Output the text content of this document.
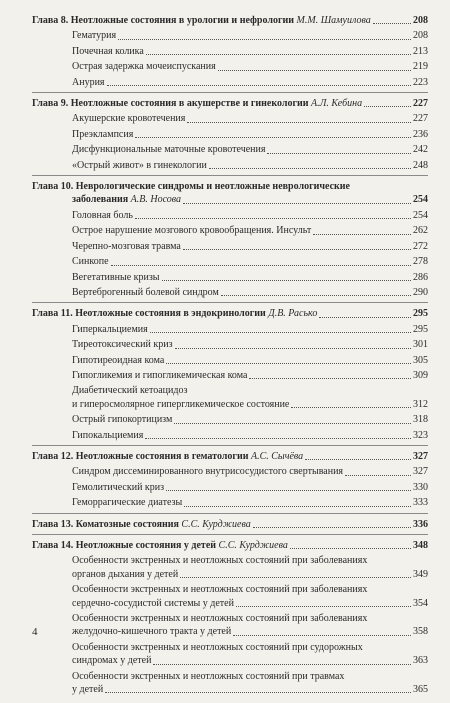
Глава 8. Неотложные состояния в урологии и нефрологии М.М. Шамуилова	208
Гематурия	208
Почечная колика	213
Острая задержка мочеиспускания	219
Анурия	223
Глава 9. Неотложные состояния в акушерстве и гинекологии А.Л. Кебина	227
Акушерские кровотечения	227
Преэклампсия	236
Дисфункциональные маточные кровотечения	242
«Острый живот» в гинекологии	248
Глава 10. Неврологические синдромы и неотложные неврологические
заболевания А.В. Носова	254
Головная боль	254
Острое нарушение мозгового кровообращения. Инсульт	262
Черепно-мозговая травма	272
Синкопе	278
Вегетативные кризы	286
Вертеброгенный болевой синдром	290
Глава 11. Неотложные состояния в эндокринологии Д.В. Расько	295
Гиперкальциемия	295
Тиреотоксический криз	301
Гипотиреоидная кома	305
Гипогликемия и гипогликемическая кома	309
Диабетический кетоацидоз
и гиперосмолярное гипергликемическое состояние	312
Острый гипокортицизм	318
Гипокальциемия	323
Глава 12. Неотложные состояния в гематологии А.С. Сычёва	327
Синдром диссеминированного внутрисосудистого свертывания	327
Гемолитический криз	330
Геморрагические диатезы	333
Глава 13. Коматозные состояния С.С. Курджиева	336
Глава 14. Неотложные состояния у детей С.С. Курджиева	348
Особенности экстренных и неотложных состояний при заболеваниях
органов дыхания у детей	349
Особенности экстренных и неотложных состояний при заболеваниях
сердечно-сосудистой системы у детей	354
Особенности экстренных и неотложных состояний при заболеваниях
желудочно-кишечного тракта у детей	358
Особенности экстренных и неотложных состояний при судорожных
синдромах у детей	363
Особенности экстренных и неотложных состояний при травмах
у детей	365
4
